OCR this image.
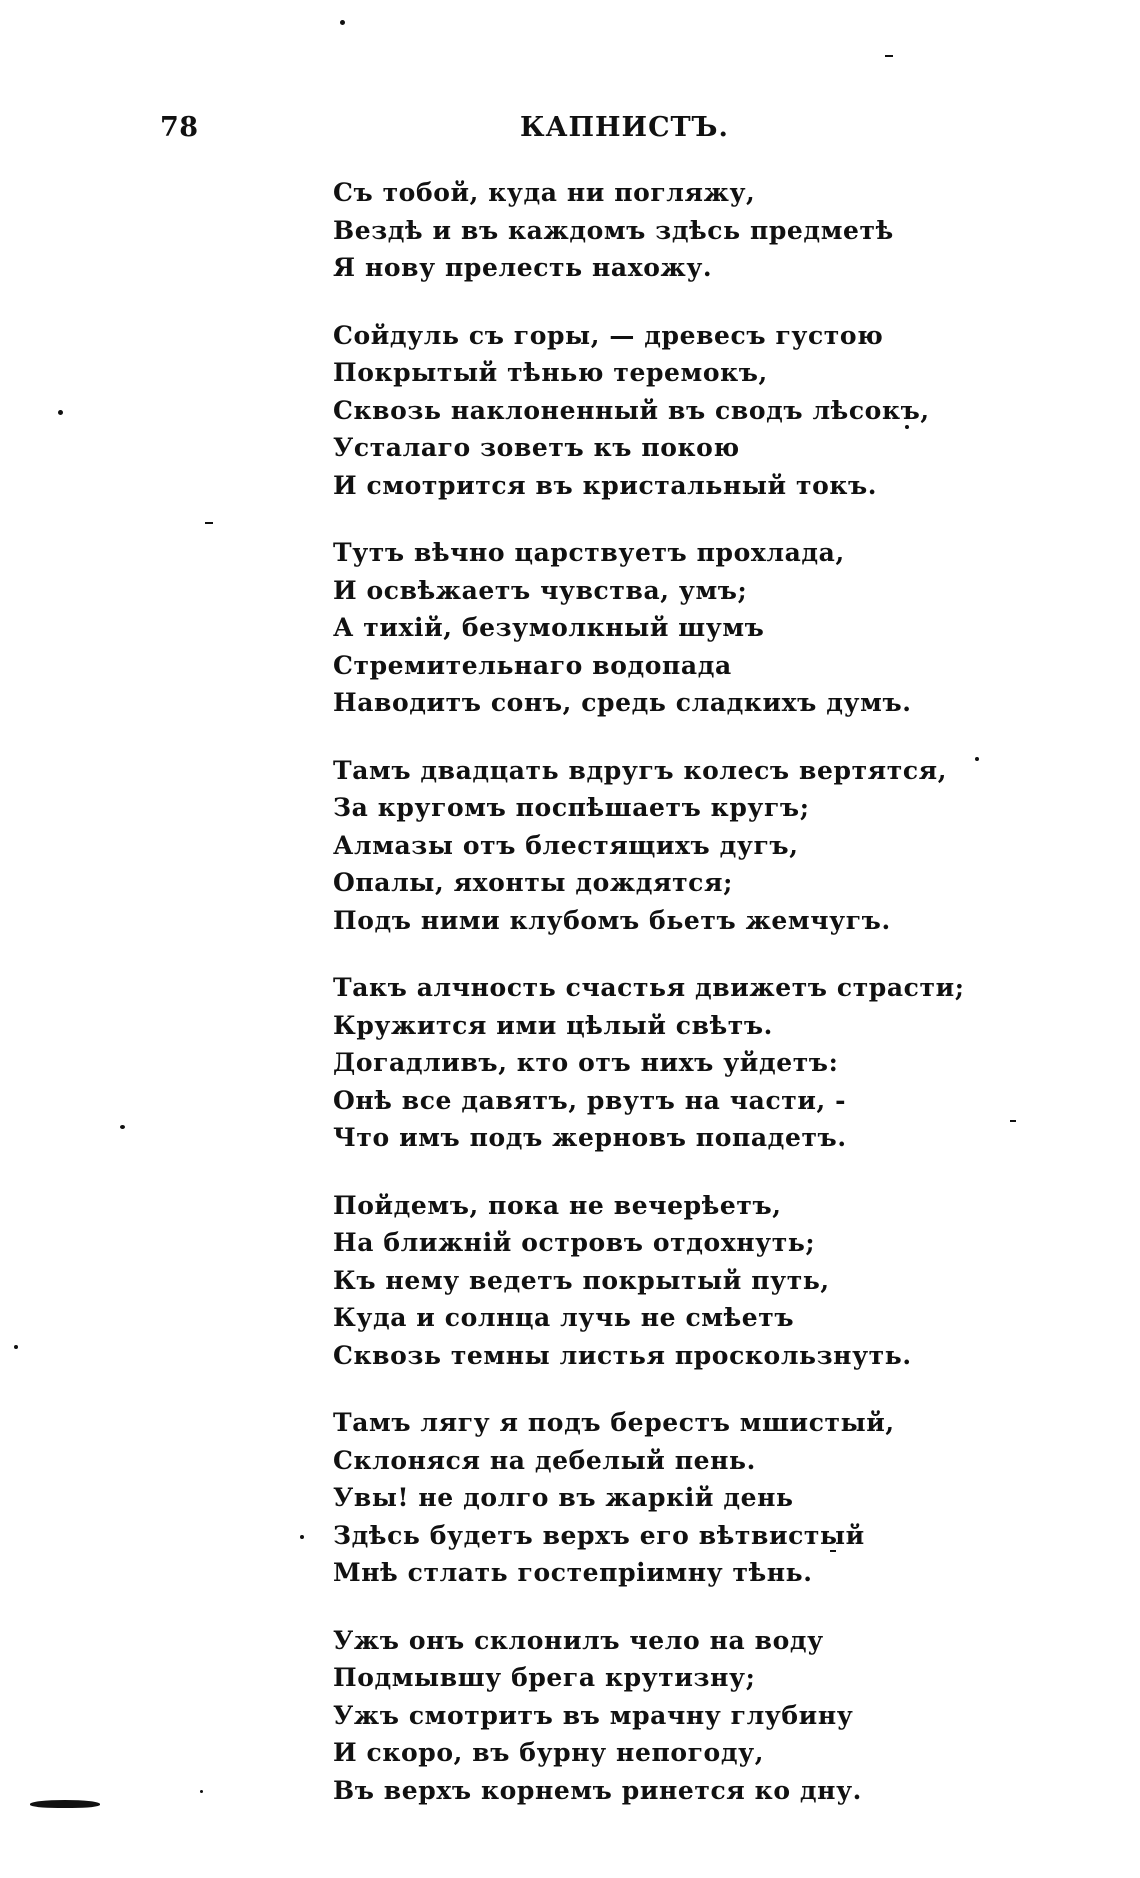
78	КАПНИСТЪ.
Съ тобой, куда ни погляжу,
Вездѣ и въ каждомъ здѣсь предметѣ
Я нову прелесть нахожу.
Сойдуль съ горы, — древесъ густою
Покрытый тѣнью теремокъ,
Сквозь наклоненный въ сводъ лѣсокъ,
Усталаго зоветъ къ покою
И смотрится въ кристальный токъ.
Тутъ вѣчно царствуетъ прохлада,
И освѣжаетъ чувства, умъ;
А тихій, безумолкный шумъ
Стремительнаго водопада
Наводитъ сонъ, средь сладкихъ думъ.
Тамъ двадцать вдругъ колесъ вертятся,
За кругомъ поспѣшаетъ кругъ;
Алмазы отъ блестящихъ дугъ,
Опалы, яхонты дождятся;
Подъ ними клубомъ бьетъ жемчугъ.
Такъ алчность счастья движетъ страсти;
Кружится ими цѣлый свѣтъ.
Догадливъ, кто отъ нихъ уйдетъ:
Онѣ все давятъ, рвутъ на части, -
Что имъ подъ жерновъ попадетъ.
Пойдемъ, пока не вечерѣетъ,
На ближній островъ отдохнуть;
Къ нему ведетъ покрытый путь,
Куда и солнца лучь не смѣетъ
Сквозь темны листья проскользнуть.
Тамъ лягу я подъ берестъ мшистый,
Склоняся на дебелый пень.
Увы! не долго въ жаркій день
Здѣсь будетъ верхъ его вѣтвистый
Мнѣ стлать гостепріимну тѣнь.
Ужъ онъ склонилъ чело на воду
Подмывшу брега крутизну;
Ужъ смотритъ въ мрачну глубину
И скоро, въ бурну непогоду,
Въ верхъ корнемъ ринется ко дну.
